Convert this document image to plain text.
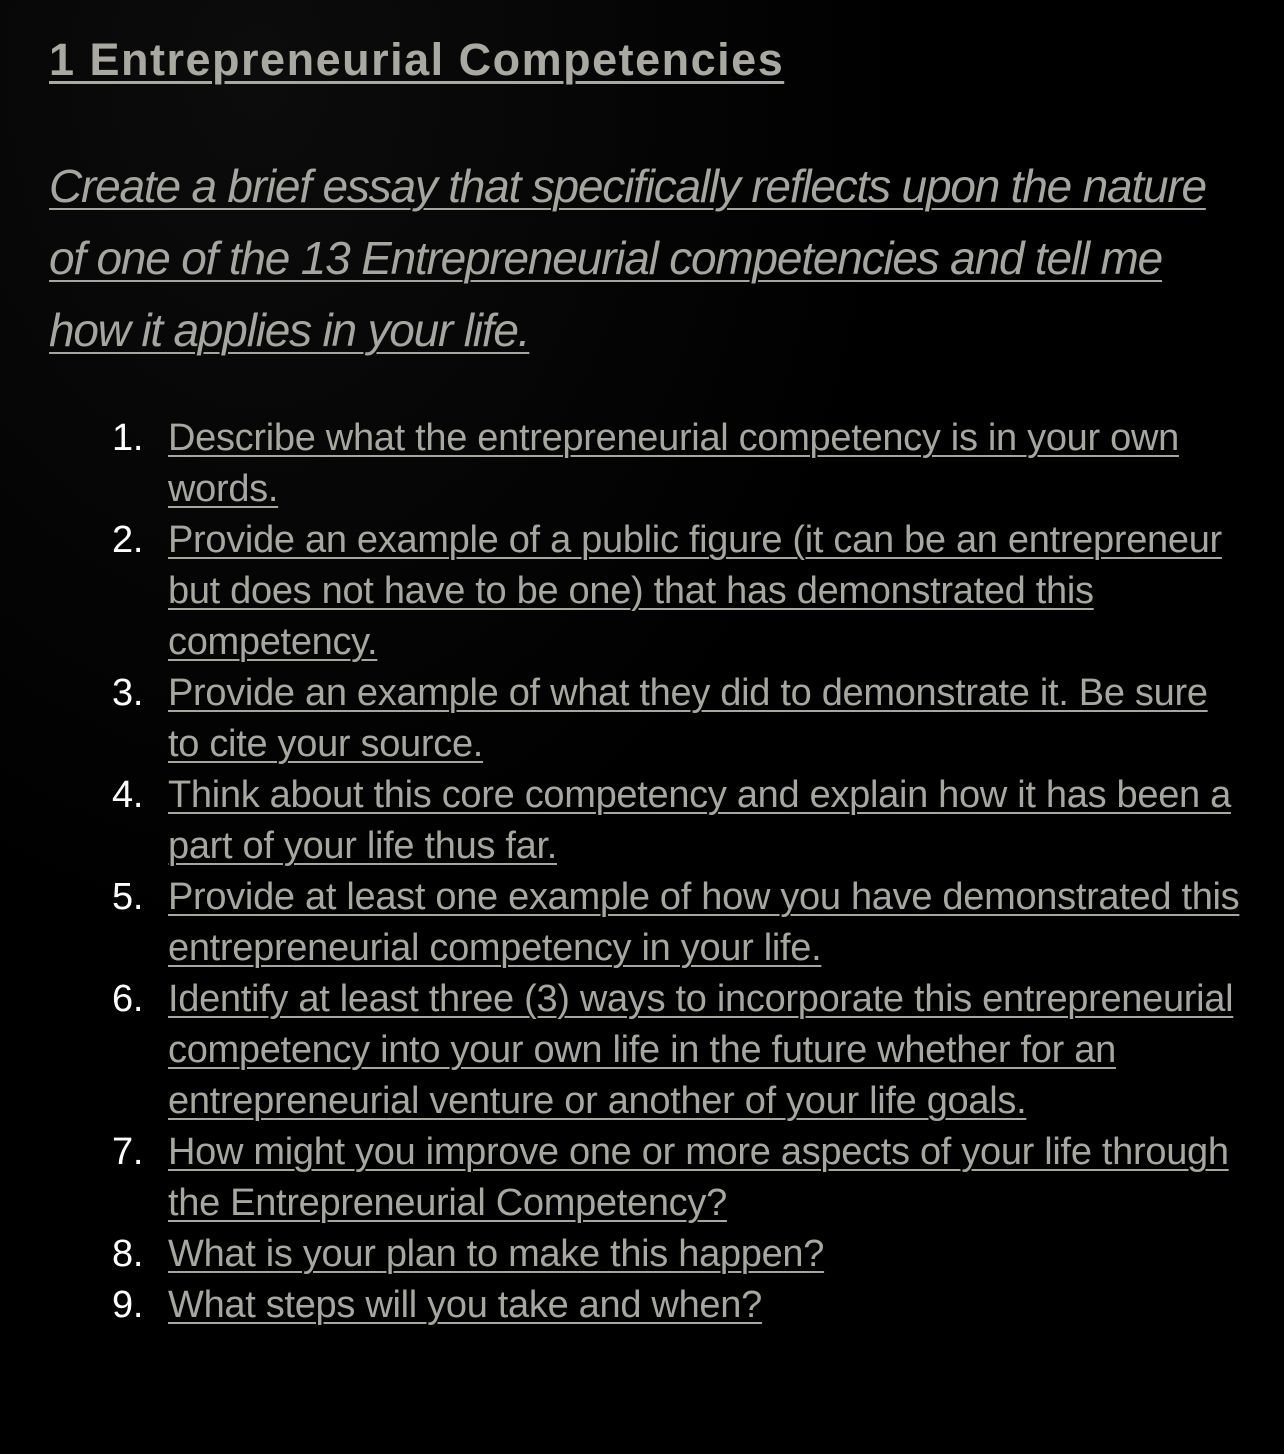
1 Entrepreneurial Competencies

Create a brief essay that specifically reflects upon the nature of one of the 13 Entrepreneurial competencies and tell me how it applies in your life.

1. Describe what the entrepreneurial competency is in your own words.
2. Provide an example of a public figure (it can be an entrepreneur but does not have to be one) that has demonstrated this competency.
3. Provide an example of what they did to demonstrate it. Be sure to cite your source.
4. Think about this core competency and explain how it has been a part of your life thus far.
5. Provide at least one example of how you have demonstrated this entrepreneurial competency in your life.
6. Identify at least three (3) ways to incorporate this entrepreneurial competency into your own life in the future whether for an entrepreneurial venture or another of your life goals.
7. How might you improve one or more aspects of your life through the Entrepreneurial Competency?
8. What is your plan to make this happen?
9. What steps will you take and when?
